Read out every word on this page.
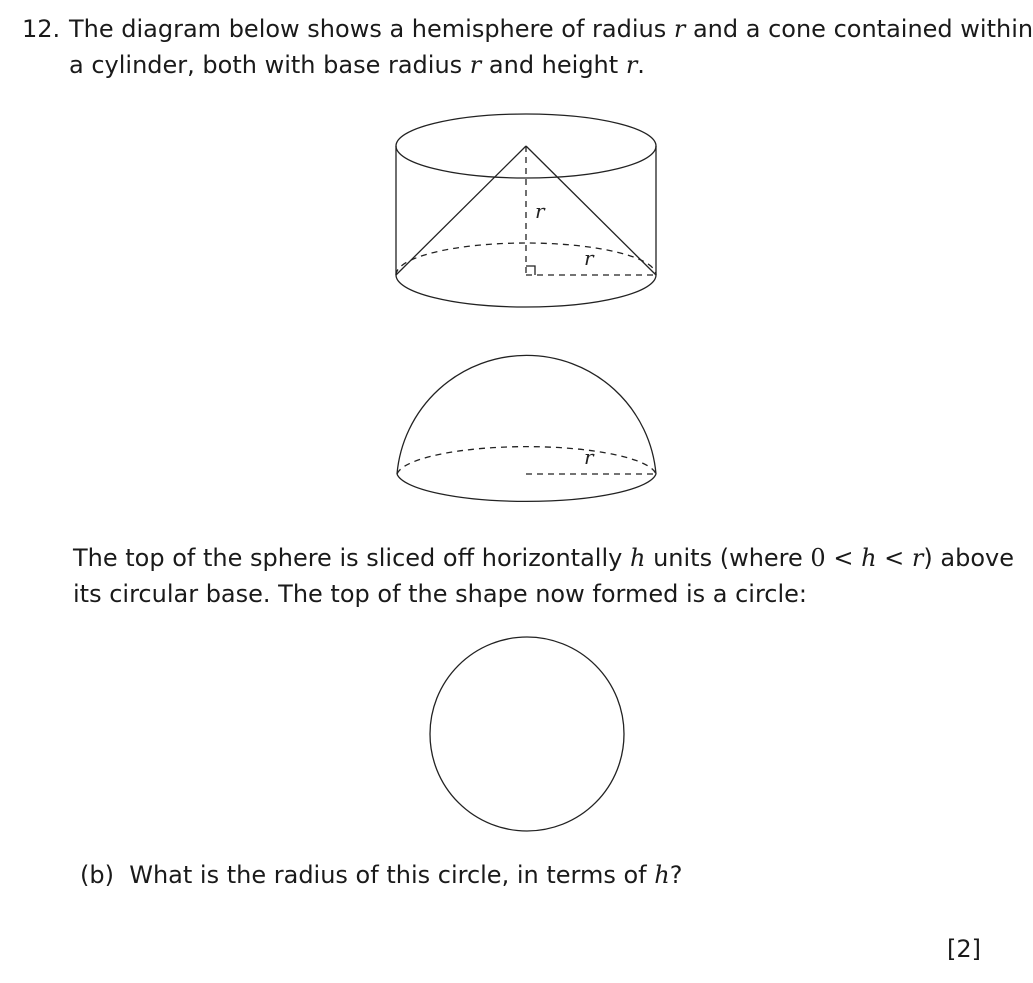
12. The diagram below shows a hemisphere of radius r and a cone contained within
a cylinder, both with base radius r and height r.
r
r
r
The top of the sphere is sliced off horizontally h units (where 0 < h < r) above
its circular base. The top of the shape now formed is a circle:
(b) What is the radius of this circle, in terms of h?
[2]
